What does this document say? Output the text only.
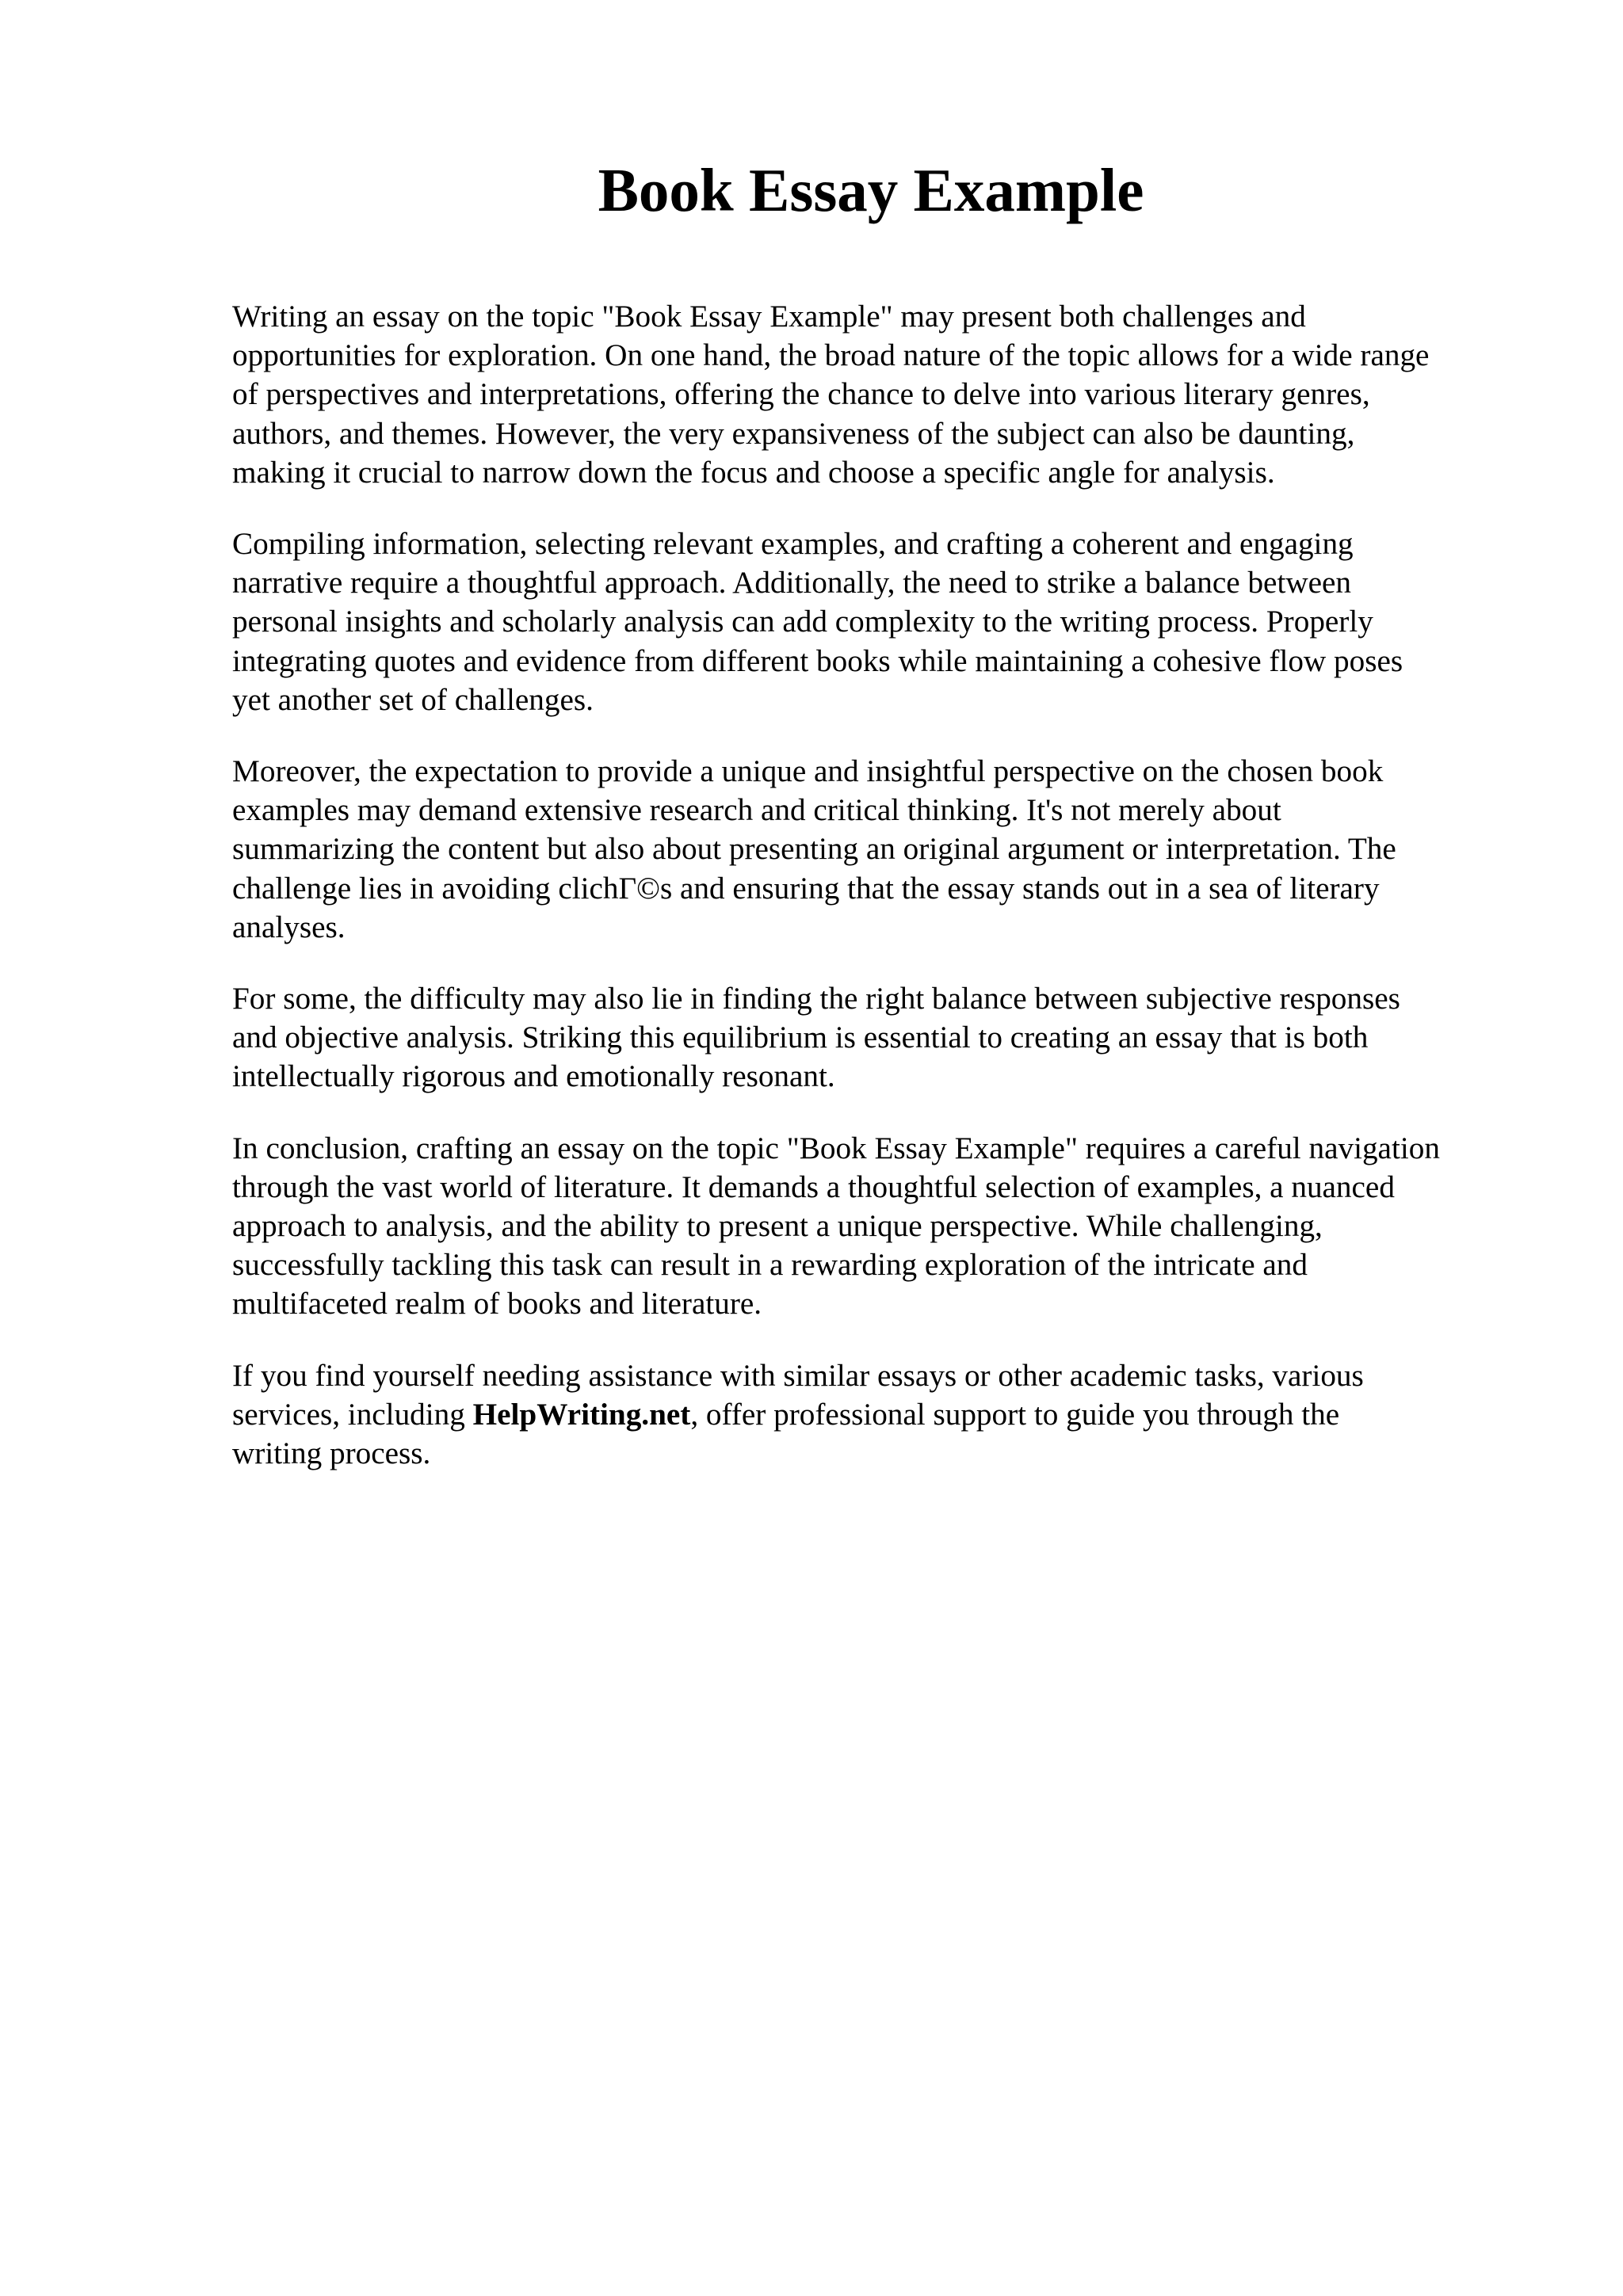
Book Essay Example

Writing an essay on the topic "Book Essay Example" may present both challenges and
opportunities for exploration. On one hand, the broad nature of the topic allows for a wide range
of perspectives and interpretations, offering the chance to delve into various literary genres,
authors, and themes. However, the very expansiveness of the subject can also be daunting,
making it crucial to narrow down the focus and choose a specific angle for analysis.

Compiling information, selecting relevant examples, and crafting a coherent and engaging
narrative require a thoughtful approach. Additionally, the need to strike a balance between
personal insights and scholarly analysis can add complexity to the writing process. Properly
integrating quotes and evidence from different books while maintaining a cohesive flow poses
yet another set of challenges.

Moreover, the expectation to provide a unique and insightful perspective on the chosen book
examples may demand extensive research and critical thinking. It's not merely about
summarizing the content but also about presenting an original argument or interpretation. The
challenge lies in avoiding clichГ©s and ensuring that the essay stands out in a sea of literary
analyses.

For some, the difficulty may also lie in finding the right balance between subjective responses
and objective analysis. Striking this equilibrium is essential to creating an essay that is both
intellectually rigorous and emotionally resonant.

In conclusion, crafting an essay on the topic "Book Essay Example" requires a careful navigation
through the vast world of literature. It demands a thoughtful selection of examples, a nuanced
approach to analysis, and the ability to present a unique perspective. While challenging,
successfully tackling this task can result in a rewarding exploration of the intricate and
multifaceted realm of books and literature.

If you find yourself needing assistance with similar essays or other academic tasks, various
services, including HelpWriting.net, offer professional support to guide you through the
writing process.
